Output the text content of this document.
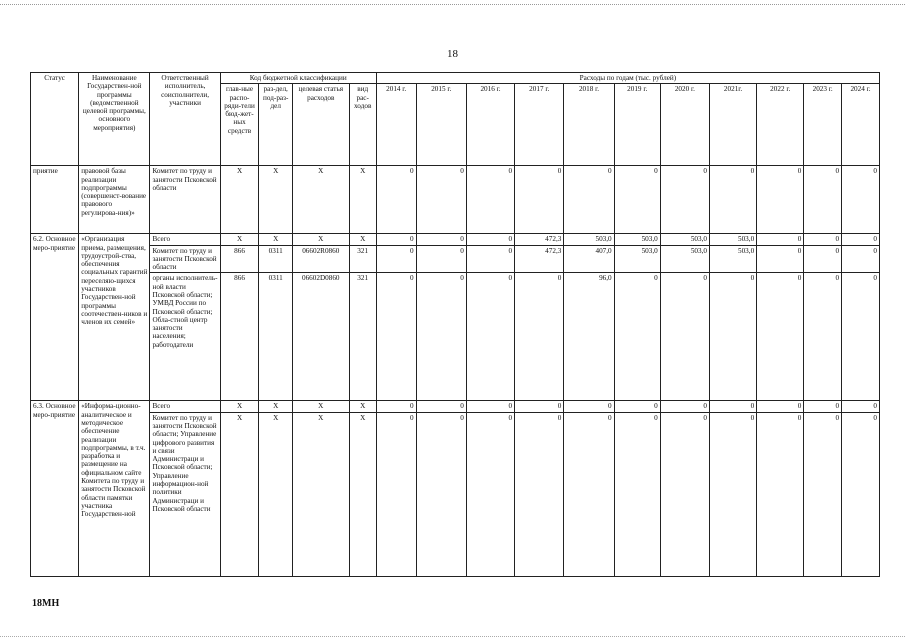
18
Статус	Наименование Государствен-ной программы (ведомственной целевой программы, основного мероприятия)	Ответственный исполнитель, соисполнители, участники	Код бюджетной классификации				Расходы по годам (тыс. рублей)										
			глав-ные распо-ряди-тели бюд-жет-ных средств	раз-дел, под-раз-дел	целевая статья расходов	вид рас-ходов	2014 г.	2015 г.	2016 г.	2017 г.	2018 г.	2019 г.	2020 г.	2021г.	2022 г.	2023 г.	2024 г.
приятие	правовой базы реализации подпрограммы (совершенст-вование правового регулирова-ния)»	Комитет по труду и занятости Псковской области	Х	Х	Х	Х	0	0	0	0	0	0	0	0	0	0	0
6.2. Основное меро-приятие	«Организация приема, размещения, трудоустрой-ства, обеспечения социальных гарантий переселяю-щихся участников Государствен-ной программы соотечествен-ников и членов их семей»	Всего	Х	Х	Х	Х	0	0	0	472,3	503,0	503,0	503,0	503,0	0	0	0
		Комитет по труду и занятости Псковской области	866	0311	06602R0860	321	0	0	0	472,3	407,0	503,0	503,0	503,0	0	0	0
		органы исполнитель-ной власти Псковской области; УМВД России по Псковской области; Обла-стной центр занятости населения; работодатели	866	0311	06602D0860	321	0	0	0	0	96,0	0	0	0	0	0	0
6.3. Основное меро-приятие	«Информа-ционно-аналитическое и методическое обеспечение реализации подпрограммы, в т.ч. разработка и размещение на официальном сайте Комитета по труду и занятости Псковской области памятки участника Государствен-ной	Всего	Х	Х	Х	Х	0	0	0	0	0	0	0	0	0	0	0
		Комитет по труду и занятости Псковской области; Управление цифрового развития и связи Администраци и Псковской области; Управление информацион-ной политики Администраци и Псковской области	Х	Х	Х	Х	0	0	0	0	0	0	0	0	0	0	0
18МН
